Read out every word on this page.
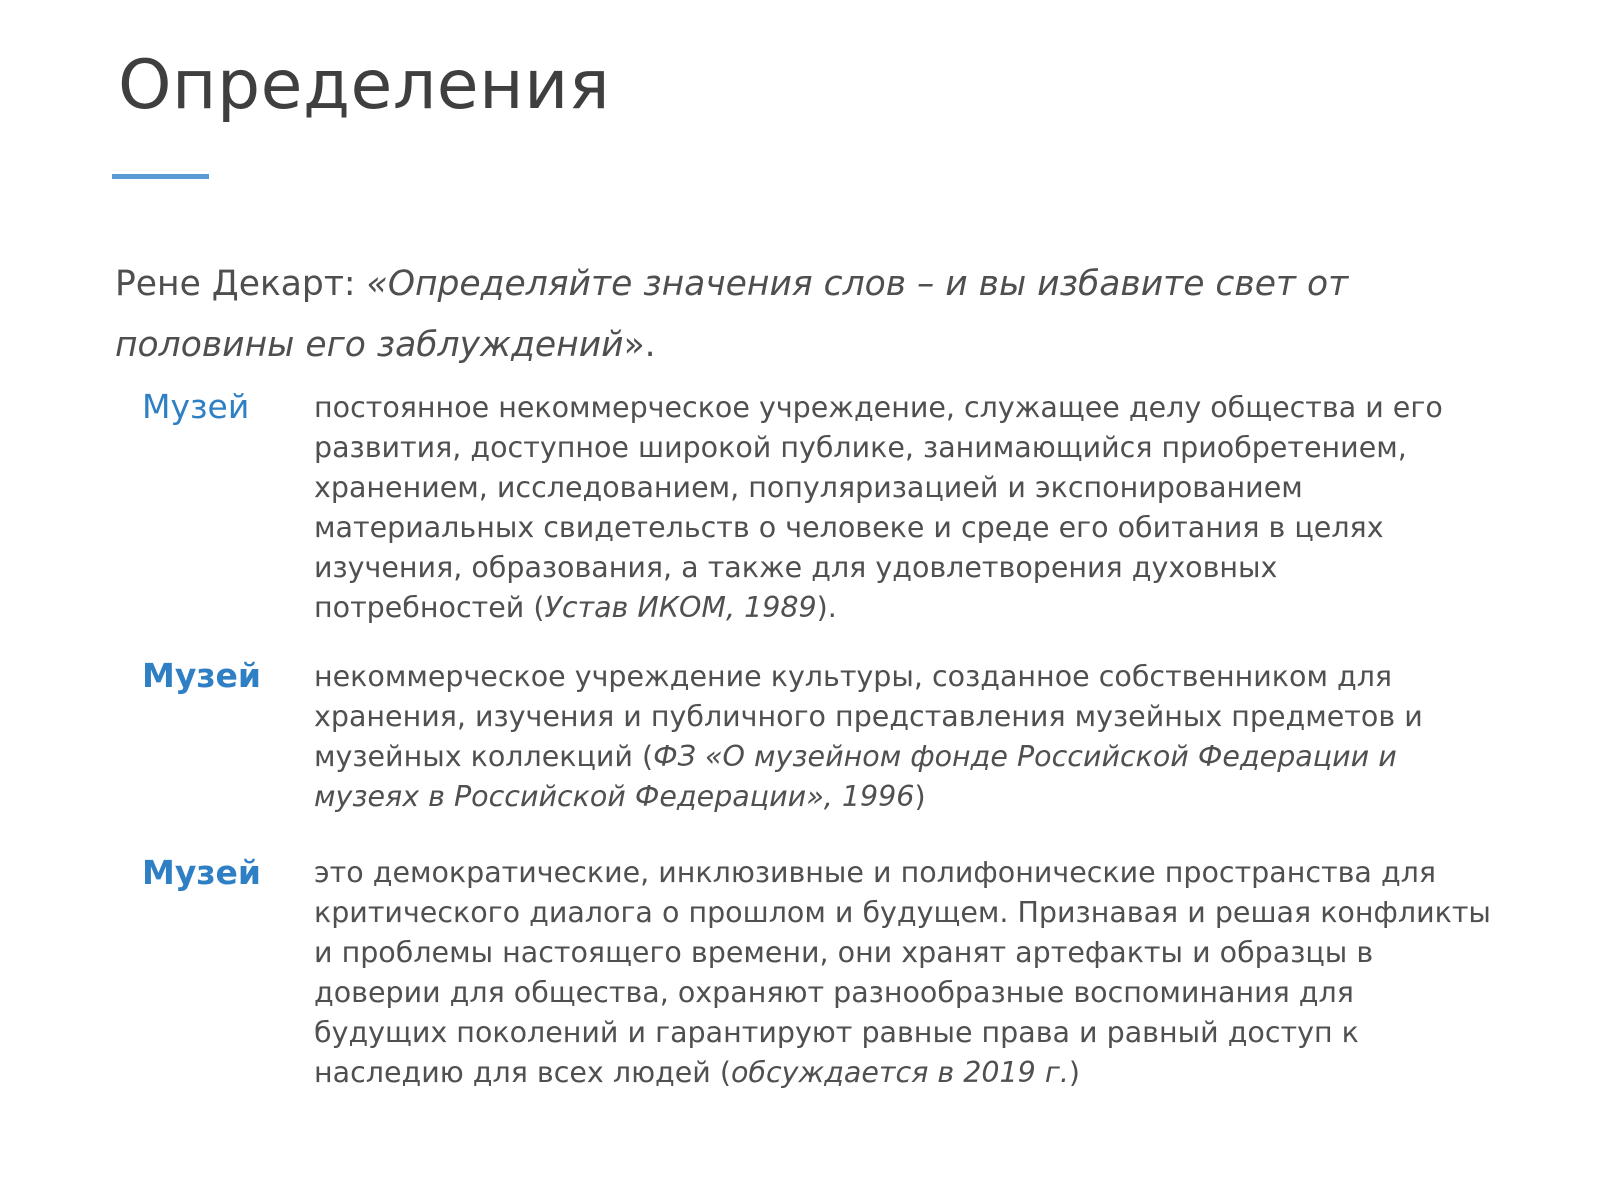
Определения
Рене Декарт: «Определяйте значения слов – и вы избавите свет от половины его заблуждений».
Музей постоянное некоммерческое учреждение, служащее делу общества и его развития, доступное широкой публике, занимающийся приобретением, хранением, исследованием, популяризацией и экспонированием материальных свидетельств о человеке и среде его обитания в целях изучения, образования, а также для удовлетворения духовных потребностей (Устав ИКОМ, 1989).
Музей некоммерческое учреждение культуры, созданное собственником для хранения, изучения и публичного представления музейных предметов и музейных коллекций (ФЗ «О музейном фонде Российской Федерации и музеях в Российской Федерации», 1996)
Музей это демократические, инклюзивные и полифонические пространства для критического диалога о прошлом и будущем. Признавая и решая конфликты и проблемы настоящего времени, они хранят артефакты и образцы в доверии для общества, охраняют разнообразные воспоминания для будущих поколений и гарантируют равные права и равный доступ к наследию для всех людей (обсуждается в 2019 г.)
